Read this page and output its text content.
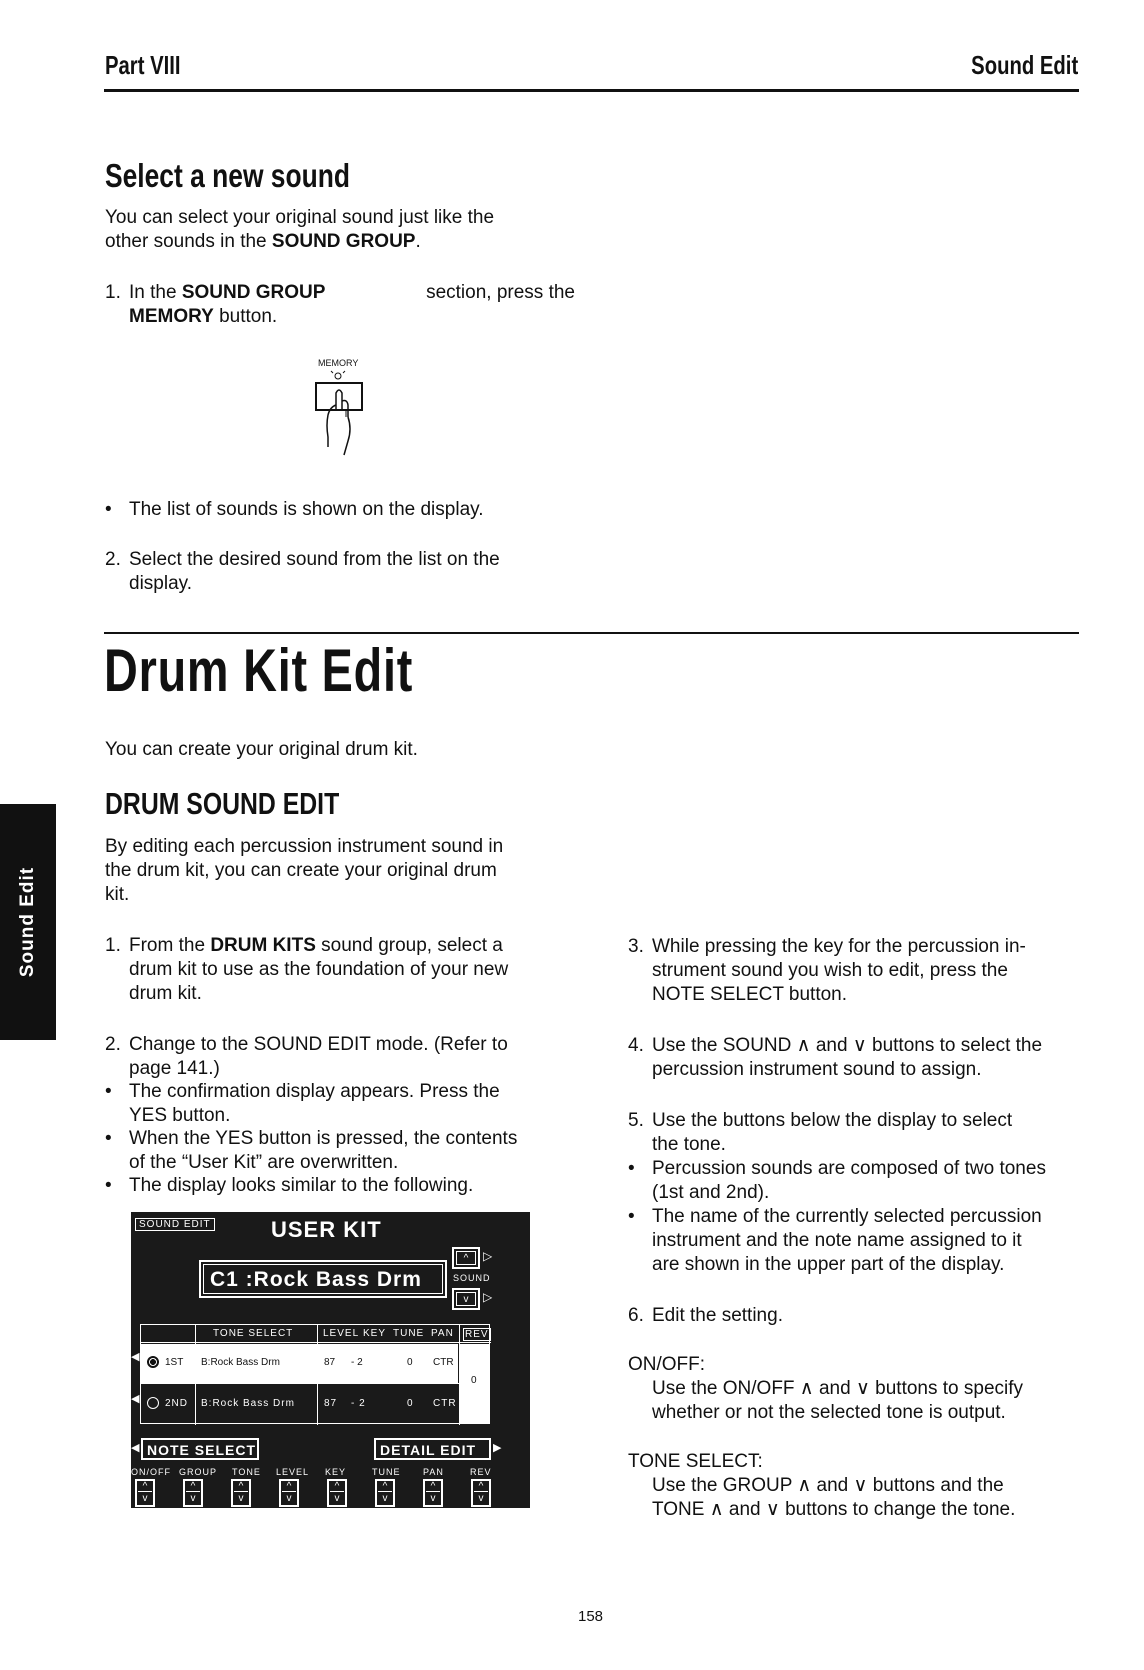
Part VIII	Sound Edit
Select a new sound
You can select your original sound just like the
other sounds in the SOUND GROUP.
1. In the SOUND GROUP	section, press the
MEMORY button.
MEMORY
• The list of sounds is shown on the display.
2. Select the desired sound from the list on the
display.
Drum Kit Edit
You can create your original drum kit.
DRUM SOUND EDIT
By editing each percussion instrument sound in
the drum kit, you can create your original drum
kit.
1. From the DRUM KITS sound group, select a
drum kit to use as the foundation of your new
drum kit.
2. Change to the SOUND EDIT mode. (Refer to
page 141.)
• The confirmation display appears. Press the
YES button.
• When the YES button is pressed, the contents
of the “User Kit” are overwritten.
• The display looks similar to the following.
SOUND EDIT	USER KIT
C1 :Rock Bass Drm
^	▷
SOUND
v	▷
TONE SELECT	LEVEL KEY TUNE PAN REV
1ST B:Rock Bass Drm	87 - 2	0 CTR
0
2ND B:Rock Bass Drm	87 - 2	0 CTR
◀
◀
◀ NOTE SELECT	DETAIL EDIT ▶
ON/OFF GROUP TONE LEVEL KEY	TUNE	PAN	REV
^
v
^
v
^
v
^
v
^
v
^
v
^
v
^
v
3. While pressing the key for the percussion in-
strument sound you wish to edit, press the
NOTE SELECT button.
4. Use the SOUND ∧ and ∨ buttons to select the
percussion instrument sound to assign.
5. Use the buttons below the display to select
the tone.
• Percussion sounds are composed of two tones
(1st and 2nd).
• The name of the currently selected percussion
instrument and the note name assigned to it
are shown in the upper part of the display.
6. Edit the setting.
ON/OFF:
Use the ON/OFF ∧ and ∨ buttons to specify
whether or not the selected tone is output.
TONE SELECT:
Use the GROUP ∧ and ∨ buttons and the
TONE ∧ and ∨ buttons to change the tone.
Sound Edit
158
